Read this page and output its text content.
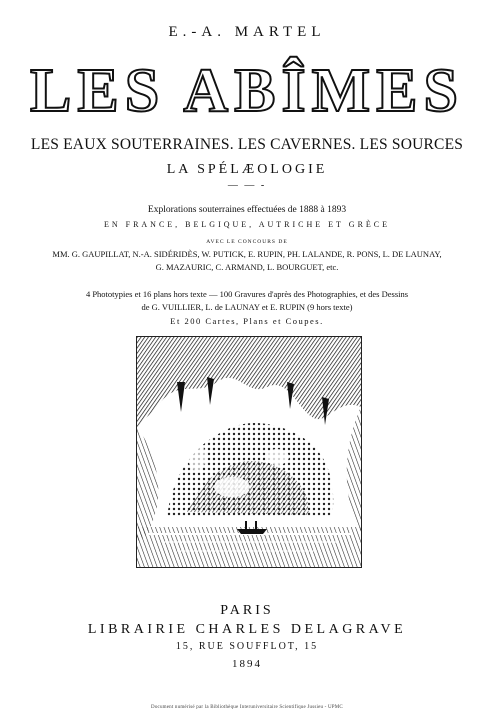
E.-A. MARTEL
LES ABÎMES
LES EAUX SOUTERRAINES. LES CAVERNES. LES SOURCES
LA SPÉLÆOLOGIE
— — -
Explorations souterraines effectuées de 1888 à 1893
EN FRANCE, BELGIQUE, AUTRICHE ET GRÈCE
AVEC LE CONCOURS DE
MM. G. GAUPILLAT, N.-A. SIDÉRIDÈS, W. PUTICK, E. RUPIN, PH. LALANDE, R. PONS, L. DE LAUNAY,
G. MAZAURIC, C. ARMAND, L. BOURGUET, etc.
4 Phototypies et 16 plans hors texte — 100 Gravures d'après des Photographies, et des Dessins
de G. VUILLIER, L. de LAUNAY et E. RUPIN (9 hors texte)
Et 200 Cartes, Plans et Coupes.
PARIS
LIBRAIRIE CHARLES DELAGRAVE
15, RUE SOUFFLOT, 15
1894
Document numérisé par la Bibliothèque Interuniversitaire Scientifique Jussieu - UPMC
